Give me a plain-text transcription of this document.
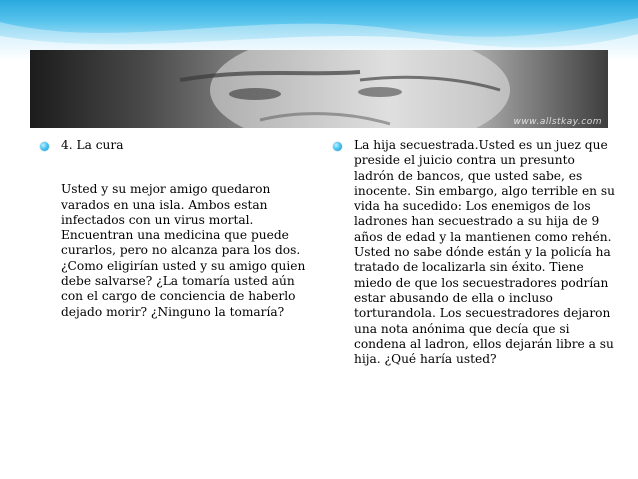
www.allstkay.com
4. La cura
Usted y su mejor amigo quedaron varados en una isla. Ambos estan infectados con un virus mortal. Encuentran una medicina que puede curarlos, pero no alcanza para los dos. ¿Como eligirían usted y su amigo quien debe salvarse? ¿La tomaría usted aún con el cargo de conciencia de haberlo dejado morir? ¿Ninguno la tomaría?
La hija secuestrada.Usted es un juez que preside el juicio contra un presunto ladrón de bancos, que usted sabe, es inocente. Sin embargo, algo terrible en su vida ha sucedido: Los enemigos de los ladrones han secuestrado a su hija de 9 años de edad y la mantienen como rehén. Usted no sabe dónde están y la policía ha tratado de localizarla sin éxito. Tiene miedo de que los secuestradores podrían estar abusando de ella o incluso torturandola. Los secuestradores dejaron una nota anónima que decía que si condena al ladron, ellos dejarán libre a su hija. ¿Qué haría usted?
